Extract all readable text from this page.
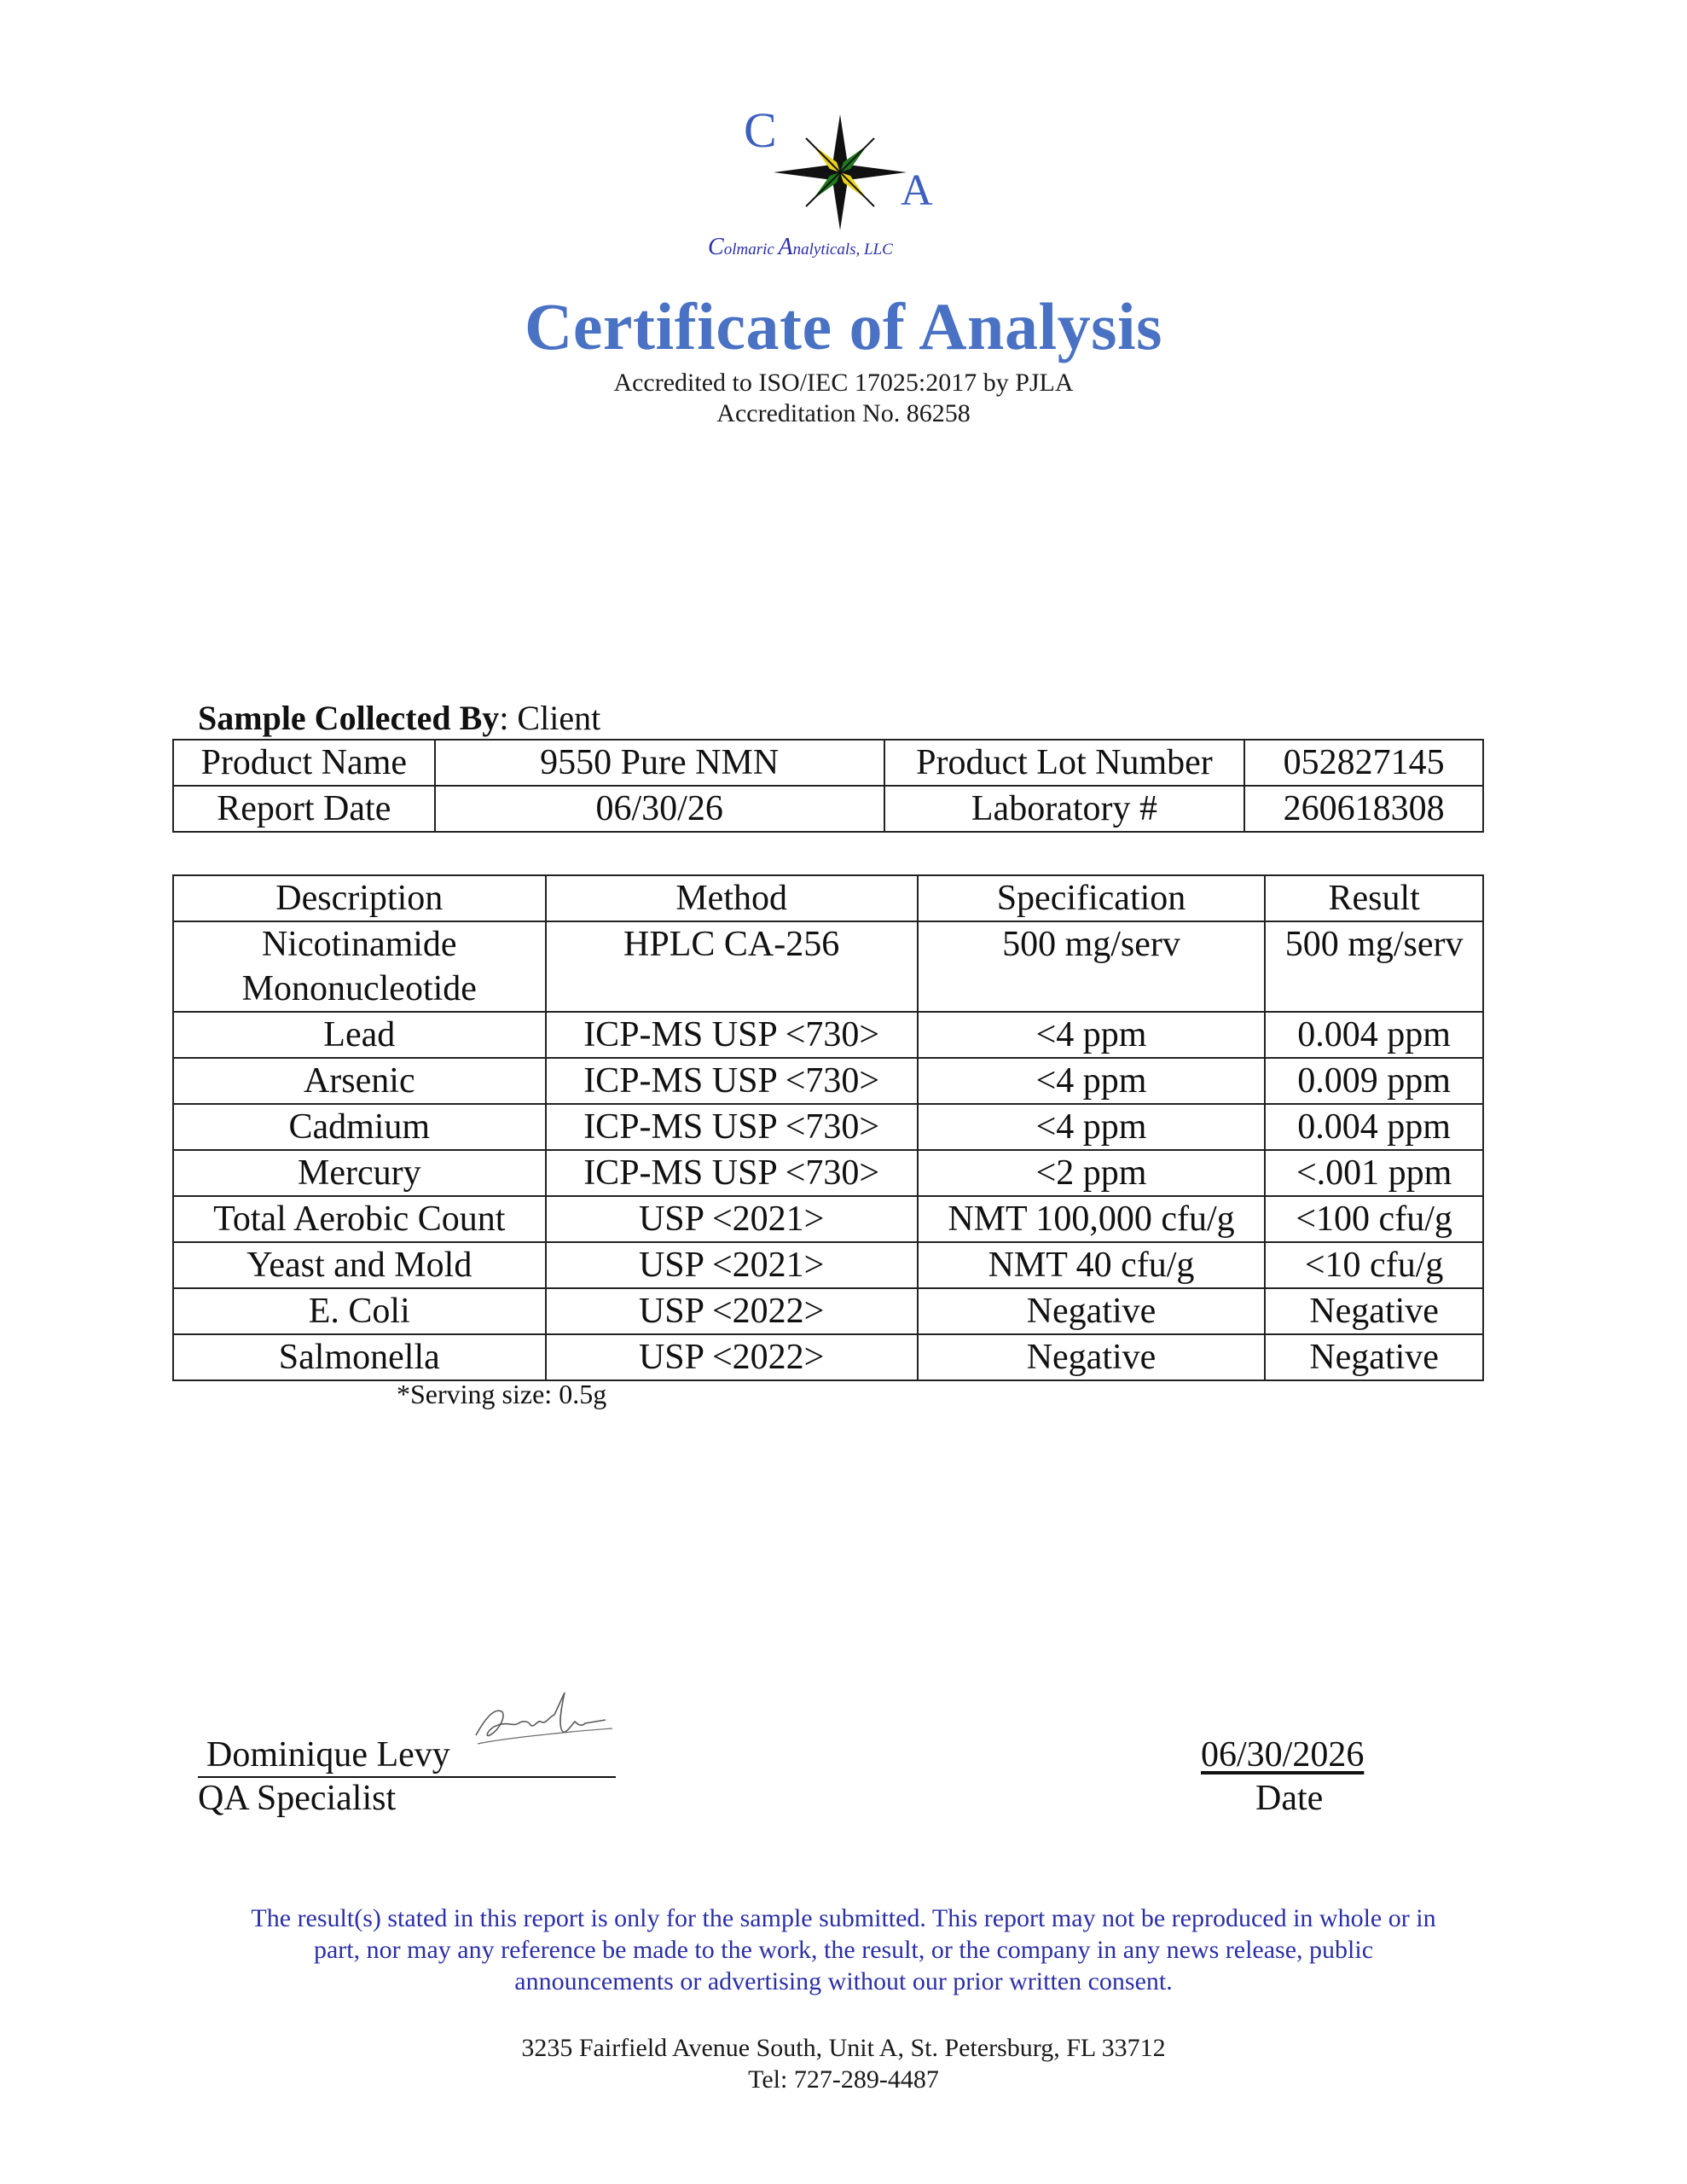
C
A
Colmaric Analyticals, LLC
Certificate of Analysis
Accredited to ISO/IEC 17025:2017 by PJLA
Accreditation No. 86258
Sample Collected By: Client
Product Name	9550 Pure NMN	Product Lot Number	052827145
Report Date	06/30/26	Laboratory #	260618308
Description	Method	Specification	Result

Nicotinamide
Mononucleotide	HPLC CA-256	500 mg/serv	500 mg/serv
Lead	ICP-MS USP <730>	<4 ppm	0.004 ppm
Arsenic	ICP-MS USP <730>	<4 ppm	0.009 ppm
Cadmium	ICP-MS USP <730>	<4 ppm	0.004 ppm
Mercury	ICP-MS USP <730>	<2 ppm	<.001 ppm
Total Aerobic Count	USP <2021>	NMT 100,000 cfu/g	<100 cfu/g
Yeast and Mold	USP <2021>	NMT 40 cfu/g	<10 cfu/g
E. Coli	USP <2022>	Negative	Negative
Salmonella	USP <2022>	Negative	Negative
*Serving size: 0.5g
Dominique Levy
QA Specialist
06/30/2026
Date
The result(s) stated in this report is only for the sample submitted. This report may not be reproduced in whole or in
part, nor may any reference be made to the work, the result, or the company in any news release, public
announcements or advertising without our prior written consent.
3235 Fairfield Avenue South, Unit A, St. Petersburg, FL 33712
Tel: 727-289-4487
